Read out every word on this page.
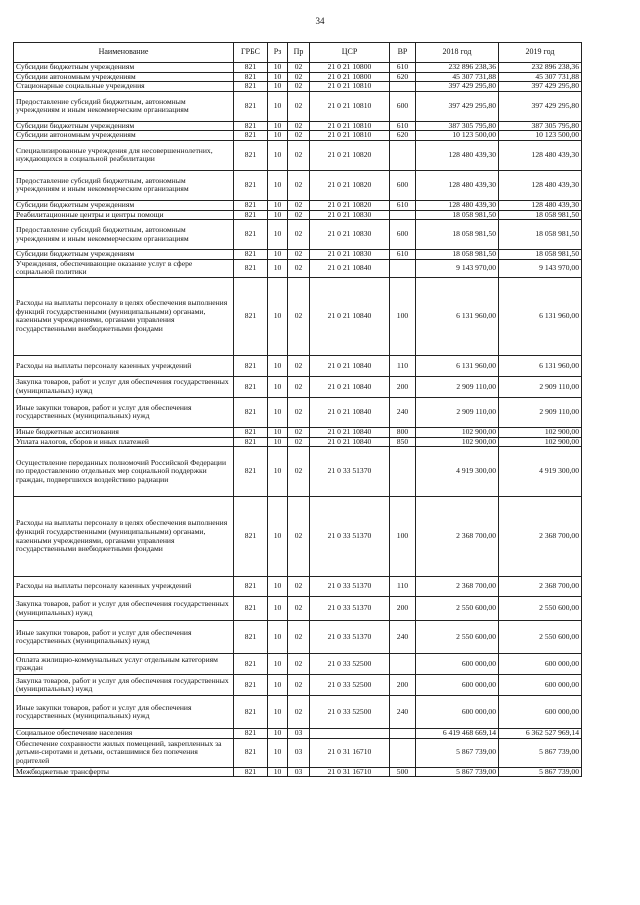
34
Наименование	ГРБС	Рз	Пр	ЦСР	ВР	2018 год	2019 год
Субсидии бюджетным учреждениям	821	10	02	21 0 21 10800	610	232 896 238,36	232 896 238,36
Субсидии автономным учреждениям	821	10	02	21 0 21 10800	620	45 307 731,88	45 307 731,88
Стационарные социальные учреждения	821	10	02	21 0 21 10810		397 429 295,80	397 429 295,80
Предоставление субсидий бюджетным, автономным учреждениям и иным некоммерческим организациям	821	10	02	21 0 21 10810	600	397 429 295,80	397 429 295,80
Субсидии бюджетным учреждениям	821	10	02	21 0 21 10810	610	387 305 795,80	387 305 795,80
Субсидии автономным учреждениям	821	10	02	21 0 21 10810	620	10 123 500,00	10 123 500,00
Специализированные учреждения для несовершеннолетних, нуждающихся в социальной реабилитации	821	10	02	21 0 21 10820		128 480 439,30	128 480 439,30
Предоставление субсидий бюджетным, автономным учреждениям и иным некоммерческим организациям	821	10	02	21 0 21 10820	600	128 480 439,30	128 480 439,30
Субсидии бюджетным учреждениям	821	10	02	21 0 21 10820	610	128 480 439,30	128 480 439,30
Реабилитационные центры и центры помощи	821	10	02	21 0 21 10830		18 058 981,50	18 058 981,50
Предоставление субсидий бюджетным, автономным учреждениям и иным некоммерческим организациям	821	10	02	21 0 21 10830	600	18 058 981,50	18 058 981,50
Субсидии бюджетным учреждениям	821	10	02	21 0 21 10830	610	18 058 981,50	18 058 981,50
Учреждения, обеспечивающие оказание услуг в сфере социальной политики	821	10	02	21 0 21 10840		9 143 970,00	9 143 970,00
Расходы на выплаты персоналу в целях обеспечения выполнения функций государственными (муниципальными) органами, казенными учреждениями, органами управления государственными внебюджетными фондами	821	10	02	21 0 21 10840	100	6 131 960,00	6 131 960,00
Расходы на выплаты персоналу казенных учреждений	821	10	02	21 0 21 10840	110	6 131 960,00	6 131 960,00
Закупка товаров, работ и услуг для обеспечения государственных (муниципальных) нужд	821	10	02	21 0 21 10840	200	2 909 110,00	2 909 110,00
Иные закупки товаров, работ и услуг для обеспечения государственных (муниципальных) нужд	821	10	02	21 0 21 10840	240	2 909 110,00	2 909 110,00
Иные бюджетные ассигнования	821	10	02	21 0 21 10840	800	102 900,00	102 900,00
Уплата налогов, сборов и иных платежей	821	10	02	21 0 21 10840	850	102 900,00	102 900,00
Осуществление переданных полномочий Российской Федерации по предоставлению отдельных мер социальной поддержки граждан, подвергшихся воздействию радиации	821	10	02	21 0 33 51370		4 919 300,00	4 919 300,00
Расходы на выплаты персоналу в целях обеспечения выполнения функций государственными (муниципальными) органами, казенными учреждениями, органами управления государственными внебюджетными фондами	821	10	02	21 0 33 51370	100	2 368 700,00	2 368 700,00
Расходы на выплаты персоналу казенных учреждений	821	10	02	21 0 33 51370	110	2 368 700,00	2 368 700,00
Закупка товаров, работ и услуг для обеспечения государственных (муниципальных) нужд	821	10	02	21 0 33 51370	200	2 550 600,00	2 550 600,00
Иные закупки товаров, работ и услуг для обеспечения государственных (муниципальных) нужд	821	10	02	21 0 33 51370	240	2 550 600,00	2 550 600,00
Оплата жилищно-коммунальных услуг отдельным категориям граждан	821	10	02	21 0 33 52500		600 000,00	600 000,00
Закупка товаров, работ и услуг для обеспечения государственных (муниципальных) нужд	821	10	02	21 0 33 52500	200	600 000,00	600 000,00
Иные закупки товаров, работ и услуг для обеспечения государственных (муниципальных) нужд	821	10	02	21 0 33 52500	240	600 000,00	600 000,00
Социальное обеспечение населения	821	10	03			6 419 468 669,14	6 362 527 969,14
Обеспечение сохранности жилых помещений, закрепленных за детьми-сиротами и детьми, оставшимися без попечения родителей	821	10	03	21 0 31 16710		5 867 739,00	5 867 739,00
Межбюджетные трансферты	821	10	03	21 0 31 16710	500	5 867 739,00	5 867 739,00
